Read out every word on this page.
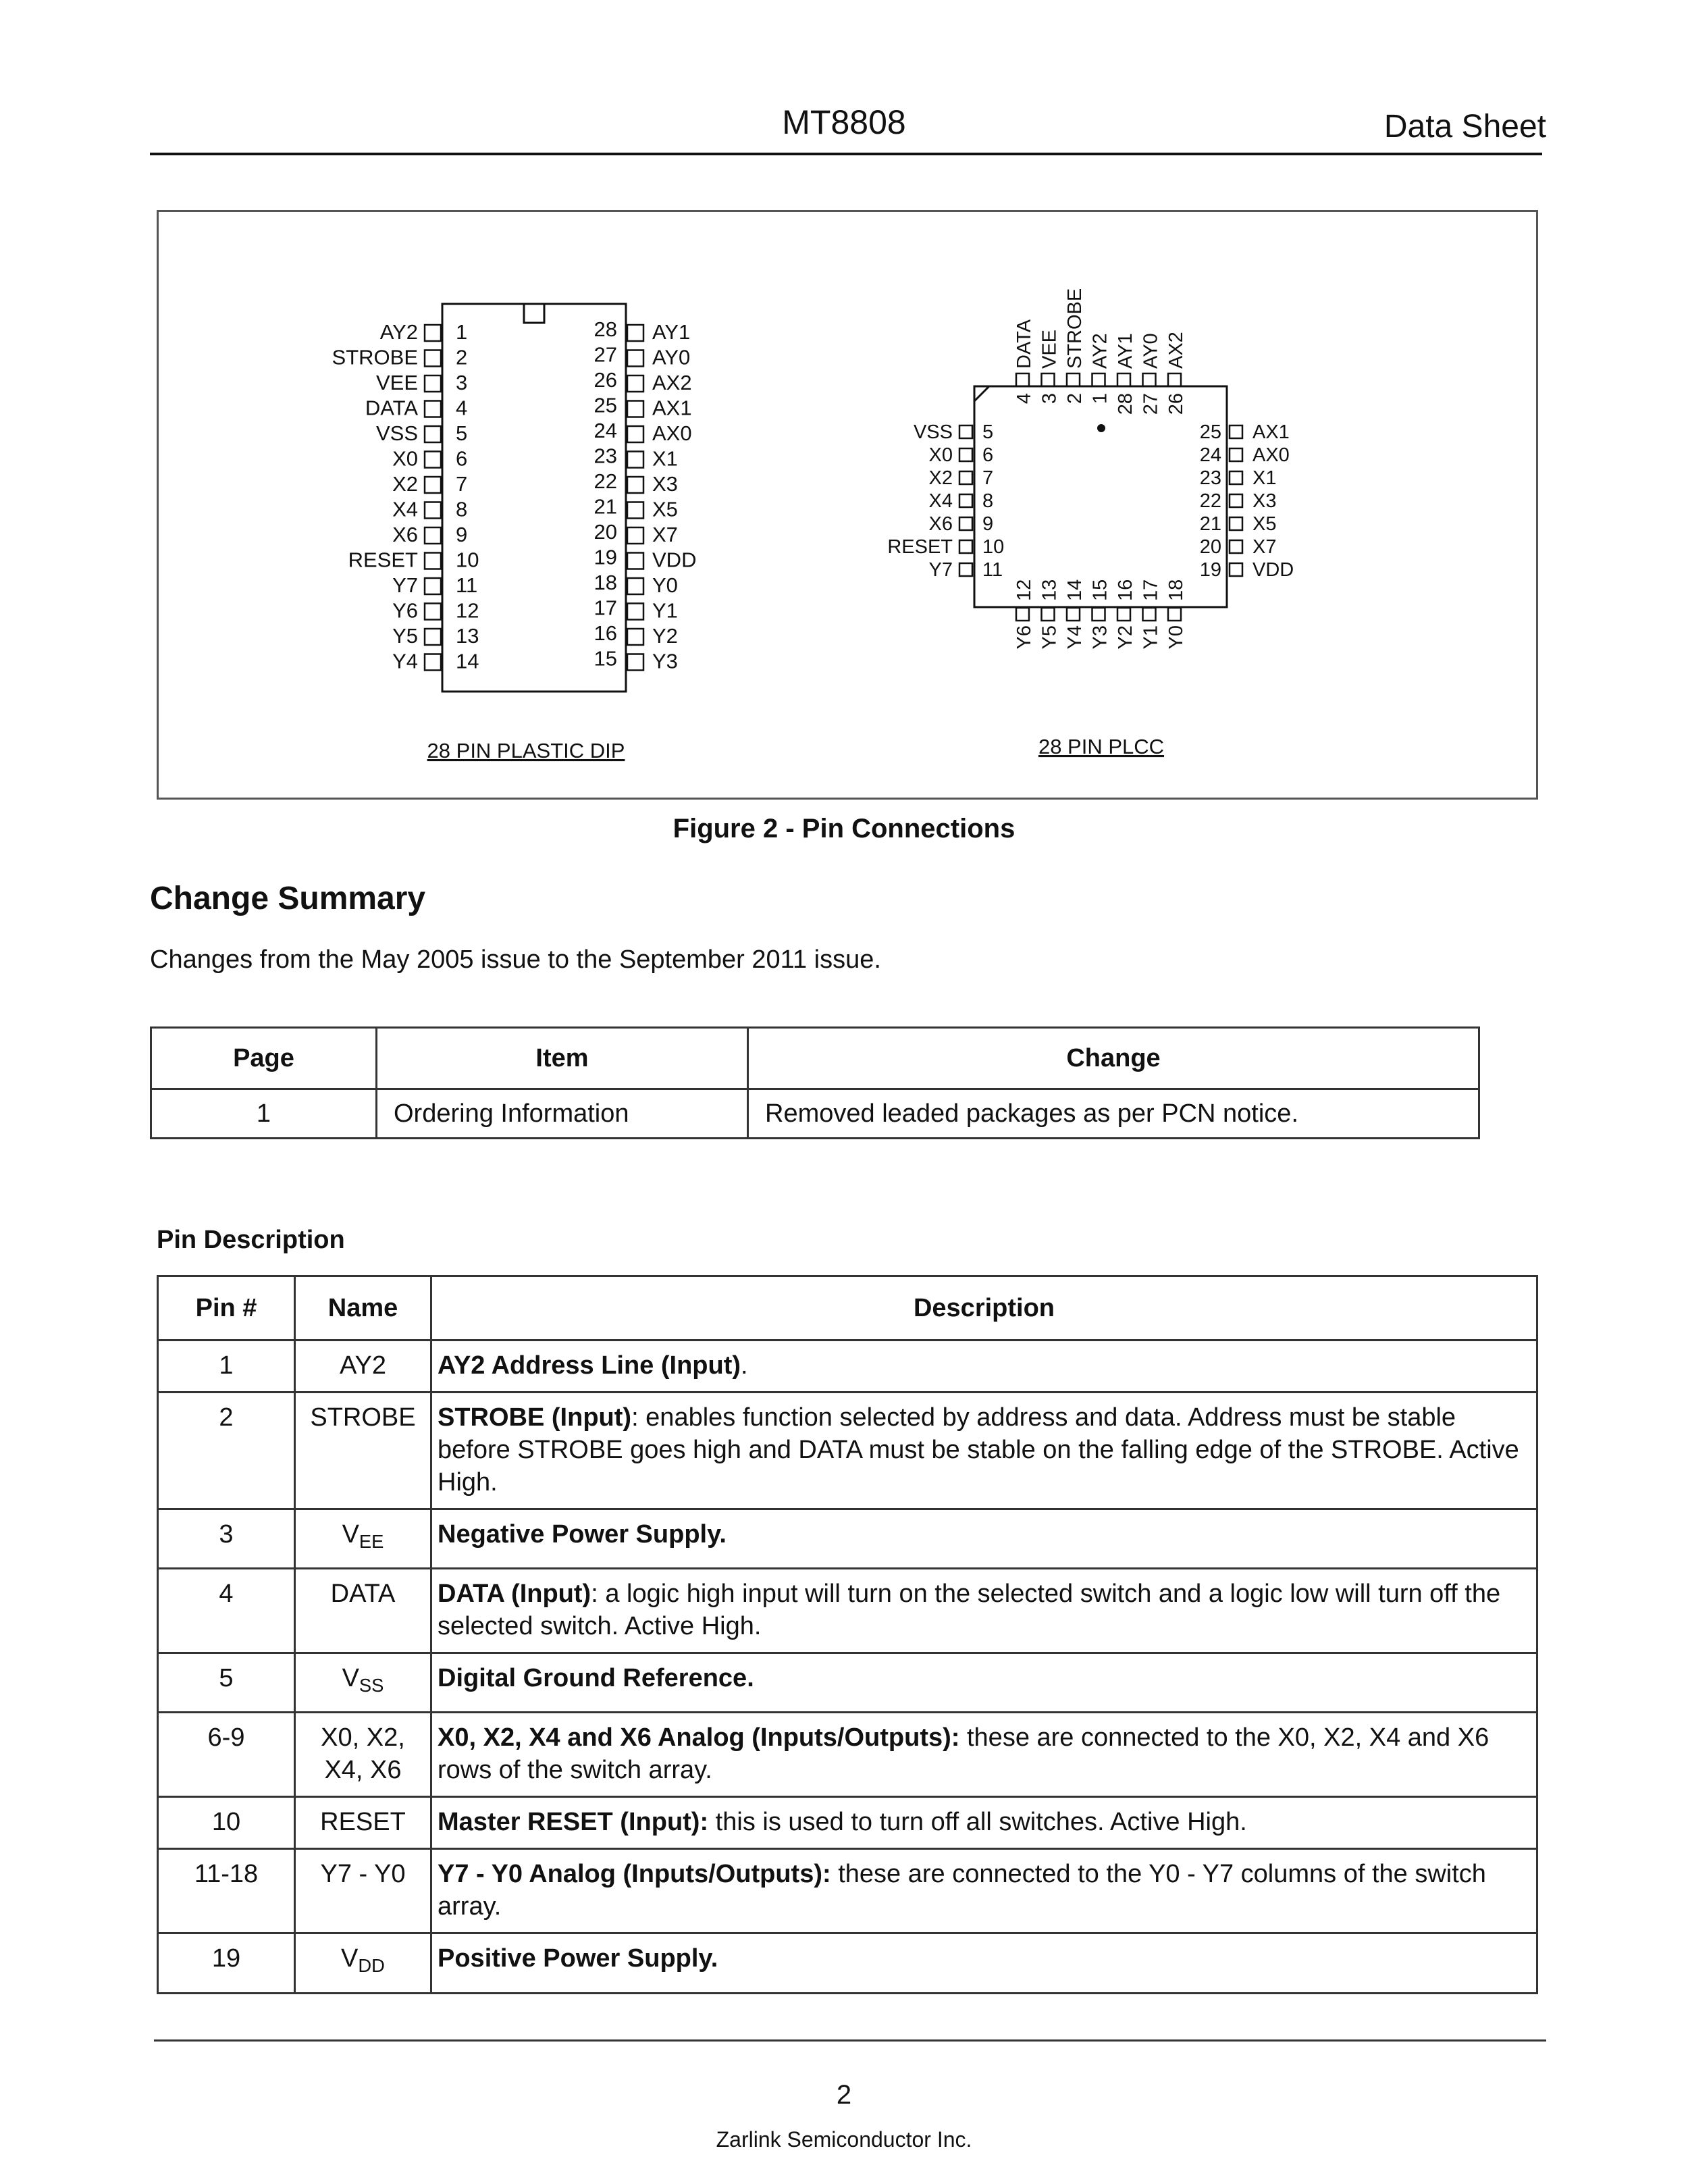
MT8808	Data Sheet
AY2 1
STROBE 2
VEE 3
DATA 4
VSS 5
X0 6
X2 7
X4 8
X6 9
RESET 10
Y7 11
Y6 12
Y5 13
Y4 14
28 AY1
27 AY0
26 AX2
25 AX1
24 AX0
23 X1
22 X3
21 X5
20 X7
19 VDD
18 Y0
17 Y1
16 Y2
15 Y3
28 PIN PLASTIC DIP
DATA
4
VEE
3
STROBE
2
AY2
1
AY1
28
AY0
27
AX2
26
12
Y6
13
Y5
14
Y4
15
Y3
16
Y2
17
Y1
18
Y0
VSS 5
X0 6
X2 7
X4 8
X6 9
RESET 10
Y7 11
25 AX1
24 AX0
23 X1
22 X3
21 X5
20 X7
19 VDD
28 PIN PLCC
Figure 2 - Pin Connections
Change Summary
Changes from the May 2005 issue to the September 2011 issue.
Page	Item	Change
1	Ordering Information	Removed leaded packages as per PCN notice.
Pin Description
Pin #	Name	Description
1	AY2	AY2 Address Line (Input).
2	STROBE	STROBE (Input): enables function selected by address and data. Address must be stable before STROBE goes high and DATA must be stable on the falling edge of the STROBE. Active High.
3	$V_{EE}$	Negative Power Supply.
4	DATA	DATA (Input): a logic high input will turn on the selected switch and a logic low will turn off the selected switch. Active High.
5	$V_{SS}$	Digital Ground Reference.
6-9	X0, X2, X4, X6	X0, X2, X4 and X6 Analog (Inputs/Outputs): these are connected to the X0, X2, X4 and X6 rows of the switch array.
10	RESET	Master RESET (Input): this is used to turn off all switches. Active High.
11-18	Y7 - Y0	Y7 - Y0 Analog (Inputs/Outputs): these are connected to the Y0 - Y7 columns of the switch array.
19	$V_{DD}$	Positive Power Supply.
2
Zarlink Semiconductor Inc.
